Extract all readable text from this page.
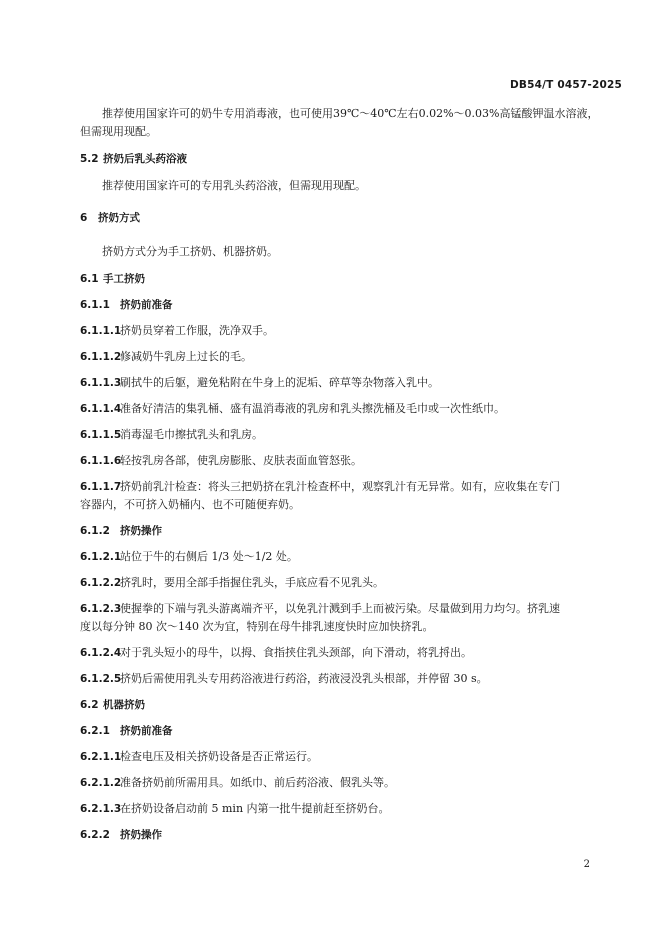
DB54/T 0457-2025
推荐使用国家许可的奶牛专用消毒液，也可使用39℃～40℃左右0.02%～0.03%高锰酸钾温水溶液，
但需现用现配。
5.2 挤奶后乳头药浴液
推荐使用国家许可的专用乳头药浴液，但需现用现配。
6 挤奶方式
挤奶方式分为手工挤奶、机器挤奶。
6.1 手工挤奶
6.1.1 挤奶前准备
6.1.1.1挤奶员穿着工作服，洗净双手。
6.1.1.2修减奶牛乳房上过长的毛。
6.1.1.3刷拭牛的后躯，避免粘附在牛身上的泥垢、碎草等杂物落入乳中。
6.1.1.4准备好清洁的集乳桶、盛有温消毒液的乳房和乳头擦洗桶及毛巾或一次性纸巾。
6.1.1.5消毒湿毛巾擦拭乳头和乳房。
6.1.1.6轻按乳房各部，使乳房膨胀、皮肤表面血管怒张。
6.1.1.7挤奶前乳汁检查：将头三把奶挤在乳汁检查杯中，观察乳汁有无异常。如有，应收集在专门
容器内，不可挤入奶桶内、也不可随便弃奶。
6.1.2 挤奶操作
6.1.2.1站位于牛的右侧后 1/3 处～1/2 处。
6.1.2.2挤乳时，要用全部手指握住乳头，手底应看不见乳头。
6.1.2.3使握拳的下端与乳头游离端齐平，以免乳汁溅到手上而被污染。尽量做到用力均匀。挤乳速
度以每分钟 80 次～140 次为宜，特别在母牛排乳速度快时应加快挤乳。
6.1.2.4对于乳头短小的母牛，以拇、食指挟住乳头颈部，向下滑动，将乳捋出。
6.1.2.5挤奶后需使用乳头专用药浴液进行药浴，药液浸没乳头根部，并停留 30 s。
6.2 机器挤奶
6.2.1 挤奶前准备
6.2.1.1检查电压及相关挤奶设备是否正常运行。
6.2.1.2准备挤奶前所需用具。如纸巾、前后药浴液、假乳头等。
6.2.1.3在挤奶设备启动前 5 min 内第一批牛提前赶至挤奶台。
6.2.2 挤奶操作
2
